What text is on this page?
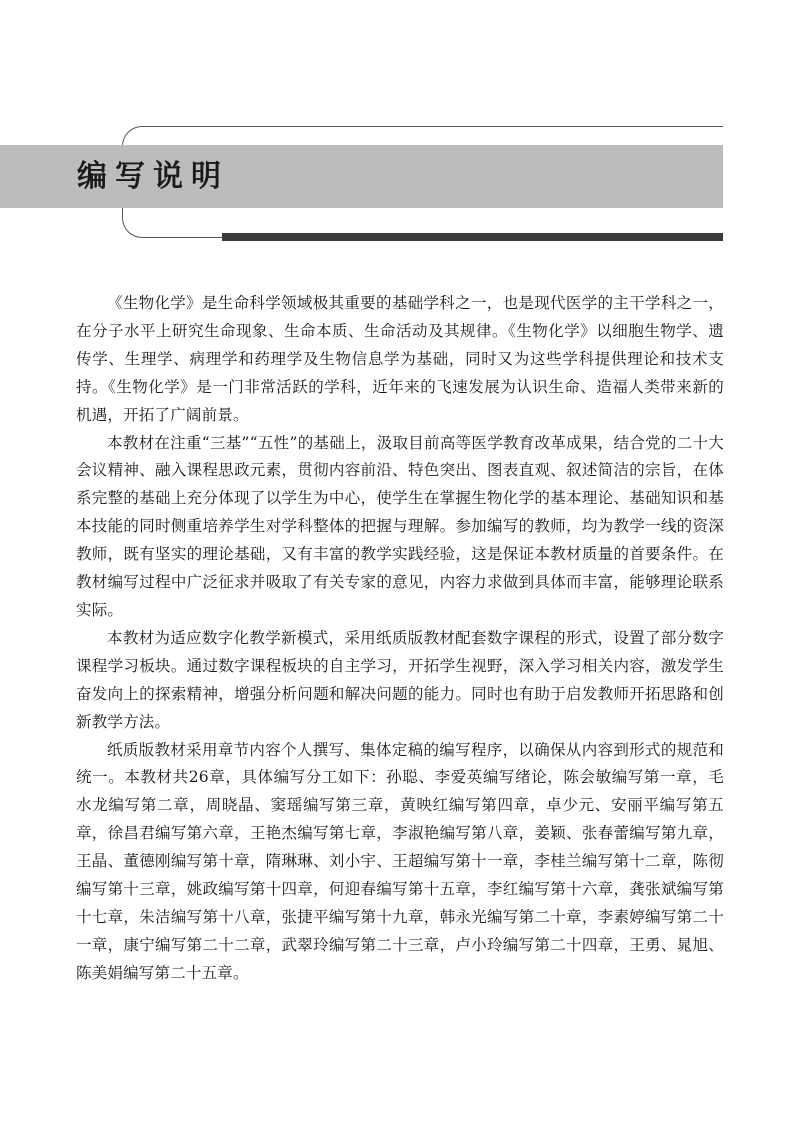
编写说明

《生物化学》是生命科学领域极其重要的基础学科之一，也是现代医学的主干学科之一，在分子水平上研究生命现象、生命本质、生命活动及其规律。《生物化学》以细胞生物学、遗传学、生理学、病理学和药理学及生物信息学为基础，同时又为这些学科提供理论和技术支持。《生物化学》是一门非常活跃的学科，近年来的飞速发展为认识生命、造福人类带来新的机遇，开拓了广阔前景。

本教材在注重“三基”“五性”的基础上，汲取目前高等医学教育改革成果，结合党的二十大会议精神、融入课程思政元素，贯彻内容前沿、特色突出、图表直观、叙述简洁的宗旨，在体系完整的基础上充分体现了以学生为中心，使学生在掌握生物化学的基本理论、基础知识和基本技能的同时侧重培养学生对学科整体的把握与理解。参加编写的教师，均为教学一线的资深教师，既有坚实的理论基础，又有丰富的教学实践经验，这是保证本教材质量的首要条件。在教材编写过程中广泛征求并吸取了有关专家的意见，内容力求做到具体而丰富，能够理论联系实际。

本教材为适应数字化教学新模式，采用纸质版教材配套数字课程的形式，设置了部分数字课程学习板块。通过数字课程板块的自主学习，开拓学生视野，深入学习相关内容，激发学生奋发向上的探索精神，增强分析问题和解决问题的能力。同时也有助于启发教师开拓思路和创新教学方法。

纸质版教材采用章节内容个人撰写、集体定稿的编写程序，以确保从内容到形式的规范和统一。本教材共26章，具体编写分工如下：孙聪、李爱英编写绪论，陈会敏编写第一章，毛水龙编写第二章，周晓晶、窦瑶编写第三章，黄映红编写第四章，卓少元、安丽平编写第五章，徐昌君编写第六章，王艳杰编写第七章，李淑艳编写第八章，姜颖、张春蕾编写第九章，王晶、董德刚编写第十章，隋琳琳、刘小宇、王超编写第十一章，李桂兰编写第十二章，陈彻编写第十三章，姚政编写第十四章，何迎春编写第十五章，李红编写第十六章，龚张斌编写第十七章，朱洁编写第十八章，张捷平编写第十九章，韩永光编写第二十章，李素婷编写第二十一章，康宁编写第二十二章，武翠玲编写第二十三章，卢小玲编写第二十四章，王勇、晁旭、陈美娟编写第二十五章。
